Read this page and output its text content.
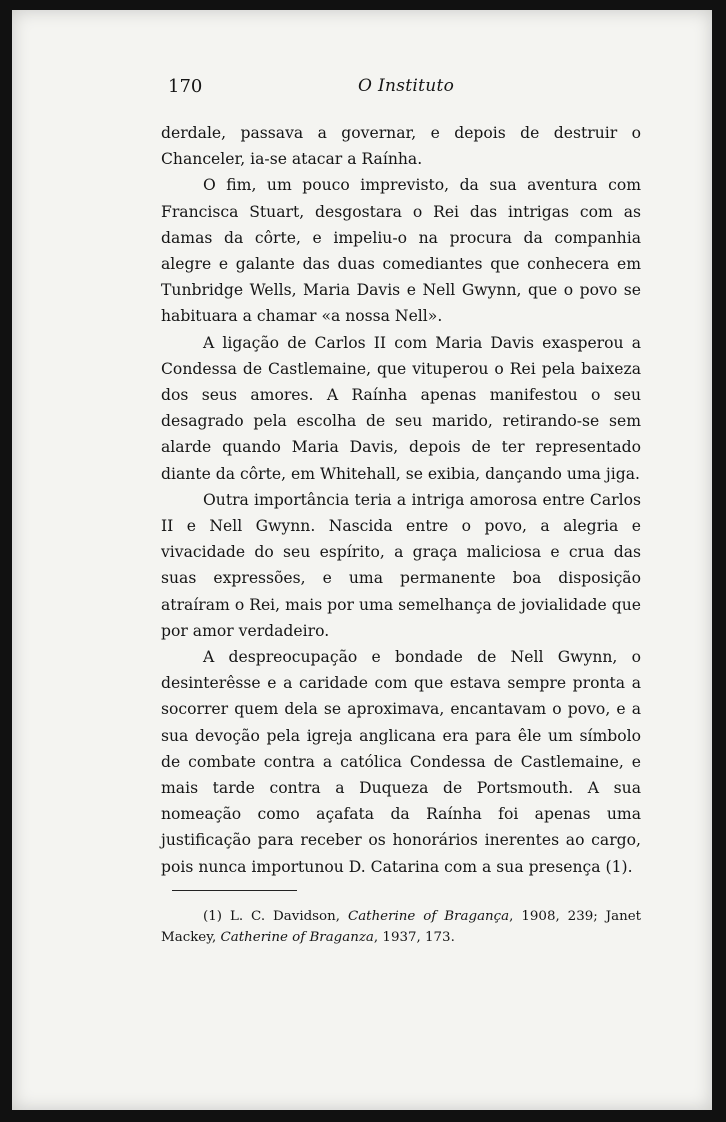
170	O Instituto

derdale, passava a governar, e depois de destruir o Chanceler, ia-se atacar a Raínha.

O fim, um pouco imprevisto, da sua aventura com Francisca Stuart, desgostara o Rei das intrigas com as damas da côrte, e impeliu-o na procura da companhia alegre e galante das duas comediantes que conhecera em Tunbridge Wells, Maria Davis e Nell Gwynn, que o povo se habituara a chamar «a nossa Nell».

A ligação de Carlos II com Maria Davis exasperou a Condessa de Castlemaine, que vituperou o Rei pela baixeza dos seus amores. A Raínha apenas manifestou o seu desagrado pela escolha de seu marido, retirando-se sem alarde quando Maria Davis, depois de ter representado diante da côrte, em Whitehall, se exibia, dançando uma jiga.

Outra importância teria a intriga amorosa entre Carlos II e Nell Gwynn. Nascida entre o povo, a alegria e vivacidade do seu espírito, a graça maliciosa e crua das suas expressões, e uma permanente boa disposição atraíram o Rei, mais por uma semelhança de jovialidade que por amor verdadeiro.

A despreocupação e bondade de Nell Gwynn, o desinterêsse e a caridade com que estava sempre pronta a socorrer quem dela se aproximava, encantavam o povo, e a sua devoção pela igreja anglicana era para êle um símbolo de combate contra a católica Condessa de Castlemaine, e mais tarde contra a Duqueza de Portsmouth. A sua nomeação como açafata da Raínha foi apenas uma justificação para receber os honorários inerentes ao cargo, pois nunca importunou D. Catarina com a sua presença (1).

(1) L. C. Davidson, Catherine of Bragança, 1908, 239; Janet Mackey, Catherine of Braganza, 1937, 173.
